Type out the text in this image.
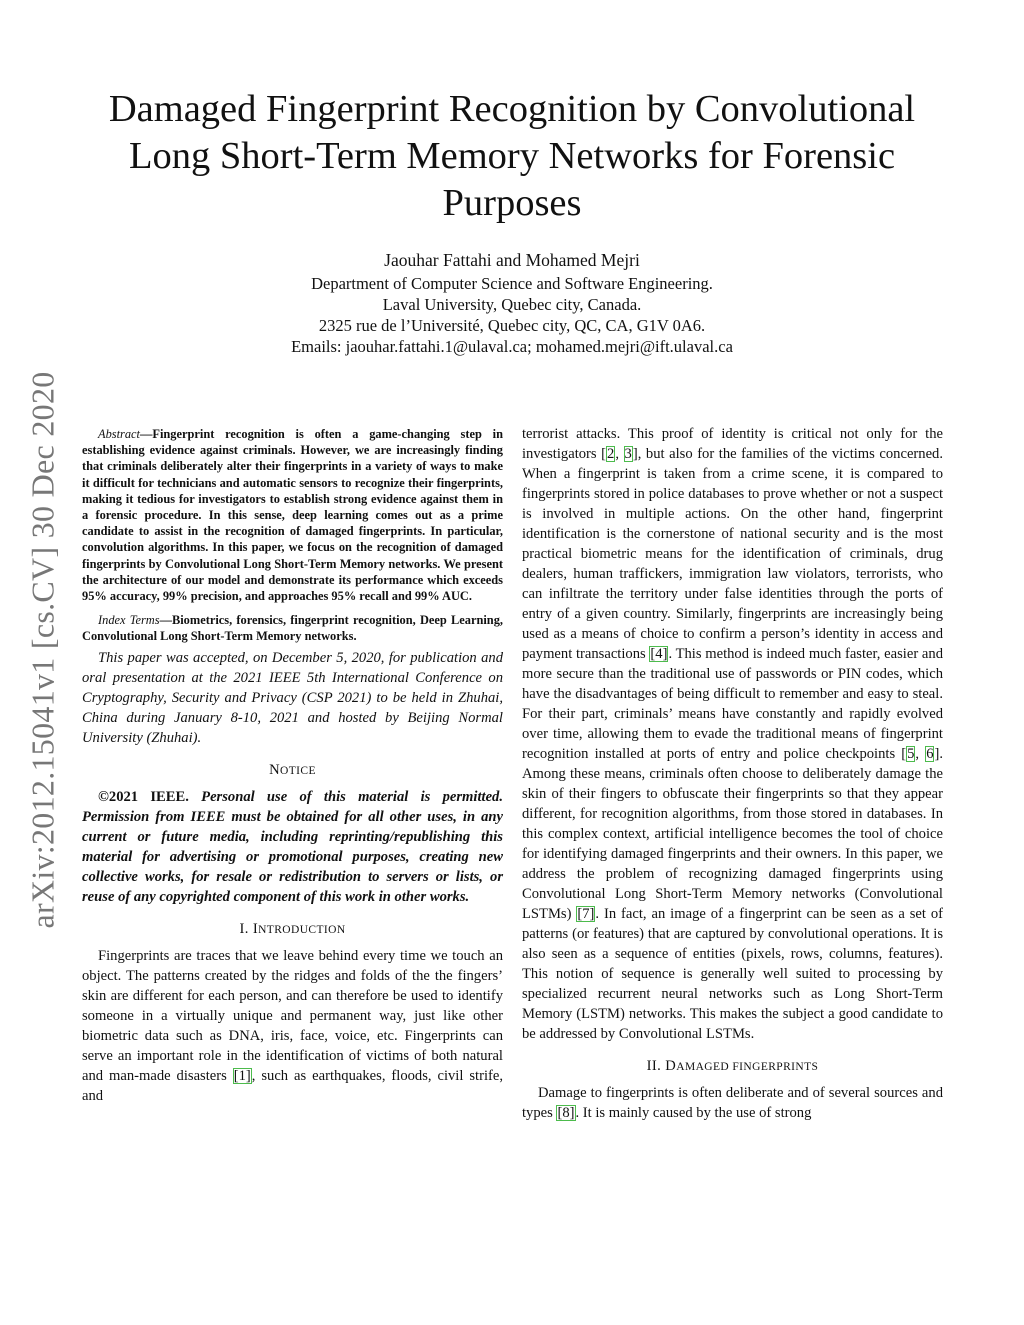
Damaged Fingerprint Recognition by Convolutional
Long Short-Term Memory Networks for Forensic
Purposes
Jaouhar Fattahi and Mohamed Mejri
Department of Computer Science and Software Engineering.
Laval University, Quebec city, Canada.
2325 rue de l’Université, Quebec city, QC, CA, G1V 0A6.
Emails: jaouhar.fattahi.1@ulaval.ca; mohamed.mejri@ift.ulaval.ca
arXiv:2012.15041v1 [cs.CV] 30 Dec 2020	Abstract—Fingerprint recognition is often a game-changing step in establishing evidence against criminals. However, we are increasingly finding that criminals deliberately alter their fingerprints in a variety of ways to make it difficult for technicians and automatic sensors to recognize their fingerprints, making it tedious for investigators to establish strong evidence against them in a forensic procedure. In this sense, deep learning comes out as a prime candidate to assist in the recognition of damaged fingerprints. In particular, convolution algorithms. In this paper, we focus on the recognition of damaged fingerprints by Convolutional Long Short-Term Memory networks. We present the architecture of our model and demonstrate its performance which exceeds 95% accuracy, 99% precision, and approaches 95% recall and 99% AUC.

Index Terms—Biometrics, forensics, fingerprint recognition, Deep Learning, Convolutional Long Short-Term Memory networks.

This paper was accepted, on December 5, 2020, for publication and oral presentation at the 2021 IEEE 5th International Conference on Cryptography, Security and Privacy (CSP 2021) to be held in Zhuhai, China during January 8-10, 2021 and hosted by Beijing Normal University (Zhuhai).

NOTICE

©2021 IEEE. Personal use of this material is permitted. Permission from IEEE must be obtained for all other uses, in any current or future media, including reprinting/republishing this material for advertising or promotional purposes, creating new collective works, for resale or redistribution to servers or lists, or reuse of any copyrighted component of this work in other works.

I. INTRODUCTION

Fingerprints are traces that we leave behind every time we touch an object. The patterns created by the ridges and folds of the the fingers’ skin are different for each person, and can therefore be used to identify someone in a virtually unique and permanent way, just like other biometric data such as DNA, iris, face, voice, etc. Fingerprints can serve an important role in the identification of victims of both natural and man-made disasters [1], such as earthquakes, floods, civil strife, and

terrorist attacks. This proof of identity is critical not only for the investigators [2, 3], but also for the families of the victims concerned. When a fingerprint is taken from a crime scene, it is compared to fingerprints stored in police databases to prove whether or not a suspect is involved in multiple actions. On the other hand, fingerprint identification is the cornerstone of national security and is the most practical biometric means for the identification of criminals, drug dealers, human traffickers, immigration law violators, terrorists, who can infiltrate the territory under false identities through the ports of entry of a given country. Similarly, fingerprints are increasingly being used as a means of choice to confirm a person’s identity in access and payment transactions [4]. This method is indeed much faster, easier and more secure than the traditional use of passwords or PIN codes, which have the disadvantages of being difficult to remember and easy to steal. For their part, criminals’ means have constantly and rapidly evolved over time, allowing them to evade the traditional means of fingerprint recognition installed at ports of entry and police checkpoints [5, 6]. Among these means, criminals often choose to deliberately damage the skin of their fingers to obfuscate their fingerprints so that they appear different, for recognition algorithms, from those stored in databases. In this complex context, artificial intelligence becomes the tool of choice for identifying damaged fingerprints and their owners. In this paper, we address the problem of recognizing damaged fingerprints using Convolutional Long Short-Term Memory networks (Convolutional LSTMs) [7]. In fact, an image of a fingerprint can be seen as a set of patterns (or features) that are captured by convolutional operations. It is also seen as a sequence of entities (pixels, rows, columns, features). This notion of sequence is generally well suited to processing by specialized recurrent neural networks such as Long Short-Term Memory (LSTM) networks. This makes the subject a good candidate to be addressed by Convolutional LSTMs.

II. DAMAGED FINGERPRINTS

Damage to fingerprints is often deliberate and of several sources and types [8]. It is mainly caused by the use of strong
